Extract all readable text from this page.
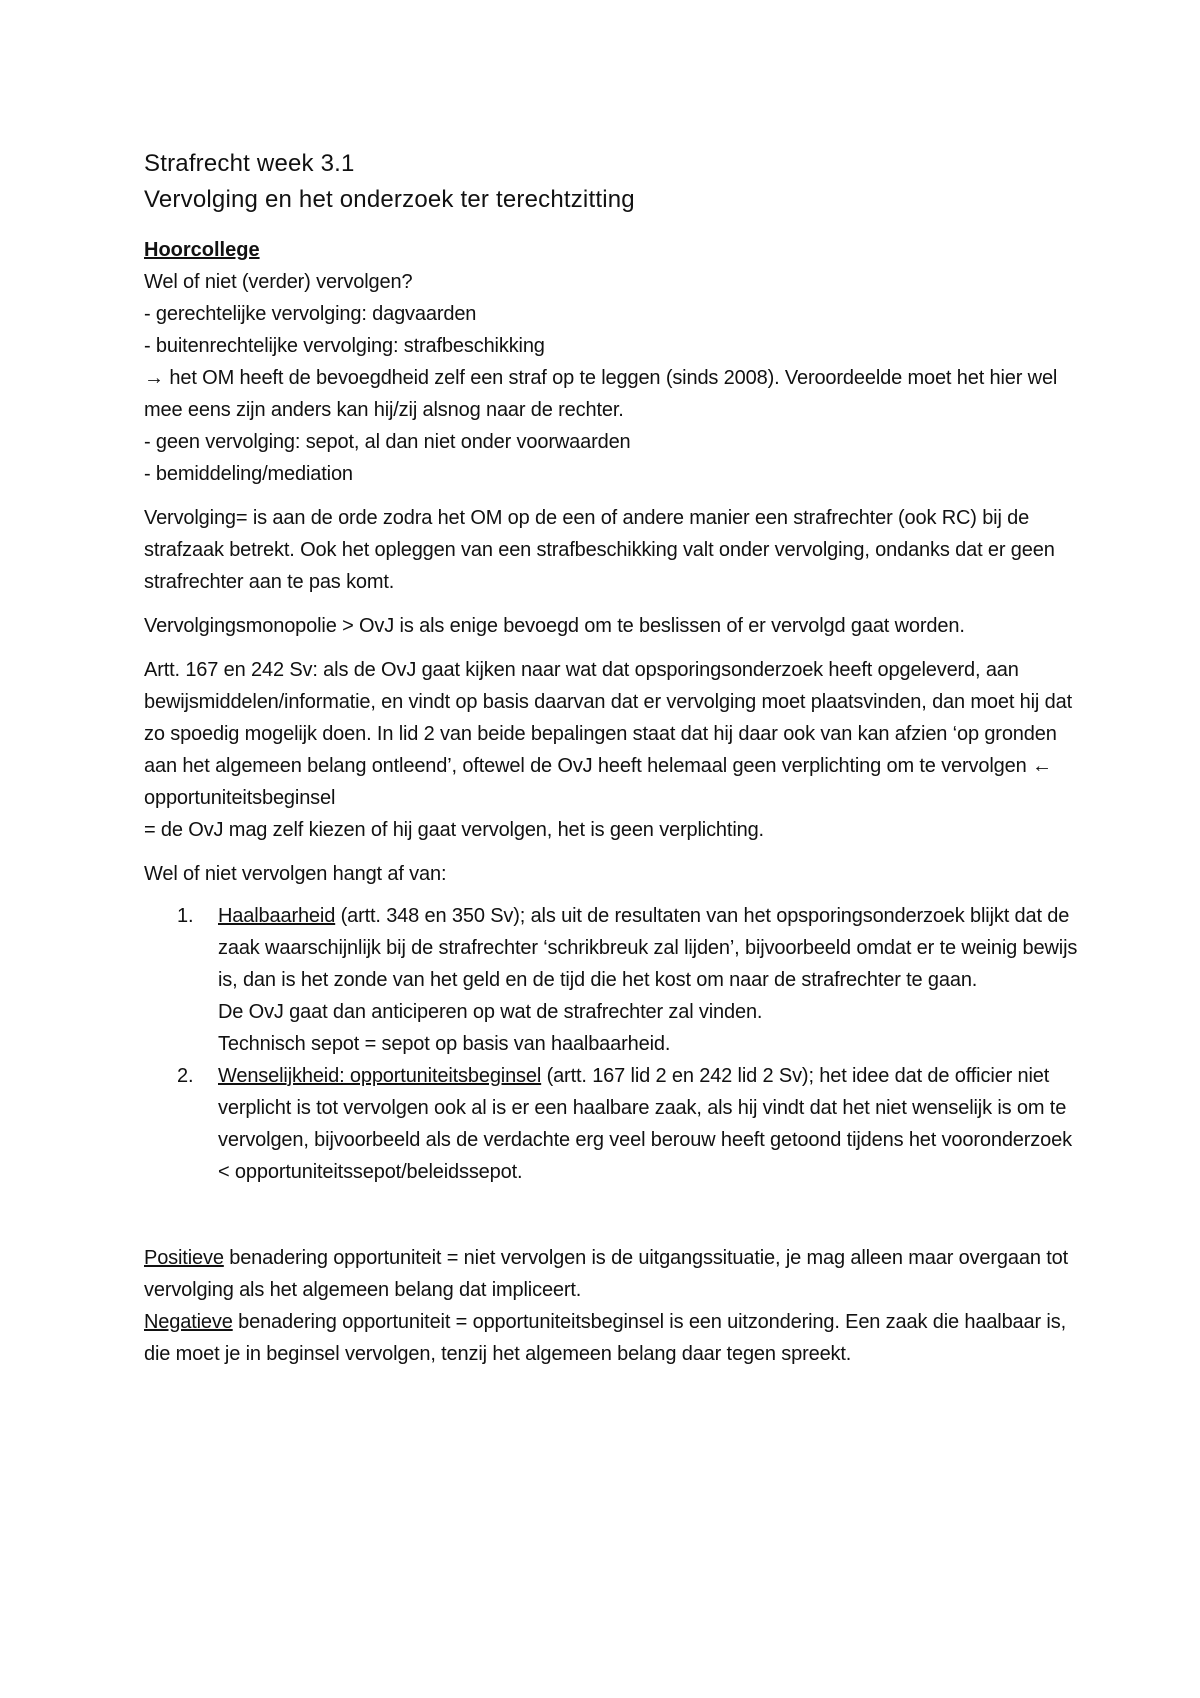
Strafrecht week 3.1
Vervolging en het onderzoek ter terechtzitting
Hoorcollege

Wel of niet (verder) vervolgen?

- gerechtelijke vervolging: dagvaarden

- buitenrechtelijke vervolging: strafbeschikking

→ het OM heeft de bevoegdheid zelf een straf op te leggen (sinds 2008). Veroordeelde moet het hier wel mee eens zijn anders kan hij/zij alsnog naar de rechter.

- geen vervolging: sepot, al dan niet onder voorwaarden

- bemiddeling/mediation

Vervolging= is aan de orde zodra het OM op de een of andere manier een strafrechter (ook RC) bij de strafzaak betrekt. Ook het opleggen van een strafbeschikking valt onder vervolging, ondanks dat er geen strafrechter aan te pas komt.

Vervolgingsmonopolie > OvJ is als enige bevoegd om te beslissen of er vervolgd gaat worden.

Artt. 167 en 242 Sv: als de OvJ gaat kijken naar wat dat opsporingsonderzoek heeft opgeleverd, aan bewijsmiddelen/informatie, en vindt op basis daarvan dat er vervolging moet plaatsvinden, dan moet hij dat zo spoedig mogelijk doen. In lid 2 van beide bepalingen staat dat hij daar ook van kan afzien ‘op gronden aan het algemeen belang ontleend’, oftewel de OvJ heeft helemaal geen verplichting om te vervolgen ← opportuniteitsbeginsel
= de OvJ mag zelf kiezen of hij gaat vervolgen, het is geen verplichting.

Wel of niet vervolgen hangt af van:

1. Haalbaarheid (artt. 348 en 350 Sv); als uit de resultaten van het opsporingsonderzoek blijkt dat de zaak waarschijnlijk bij de strafrechter ‘schrikbreuk zal lijden’, bijvoorbeeld omdat er te weinig bewijs is, dan is het zonde van het geld en de tijd die het kost om naar de strafrechter te gaan.
De OvJ gaat dan anticiperen op wat de strafrechter zal vinden.
Technisch sepot = sepot op basis van haalbaarheid.
2. Wenselijkheid: opportuniteitsbeginsel (artt. 167 lid 2 en 242 lid 2 Sv); het idee dat de officier niet verplicht is tot vervolgen ook al is er een haalbare zaak, als hij vindt dat het niet wenselijk is om te vervolgen, bijvoorbeeld als de verdachte erg veel berouw heeft getoond tijdens het vooronderzoek < opportuniteitssepot/beleidssepot.

Positieve benadering opportuniteit = niet vervolgen is de uitgangssituatie, je mag alleen maar overgaan tot vervolging als het algemeen belang dat impliceert.

Negatieve benadering opportuniteit = opportuniteitsbeginsel is een uitzondering. Een zaak die haalbaar is, die moet je in beginsel vervolgen, tenzij het algemeen belang daar tegen spreekt.
